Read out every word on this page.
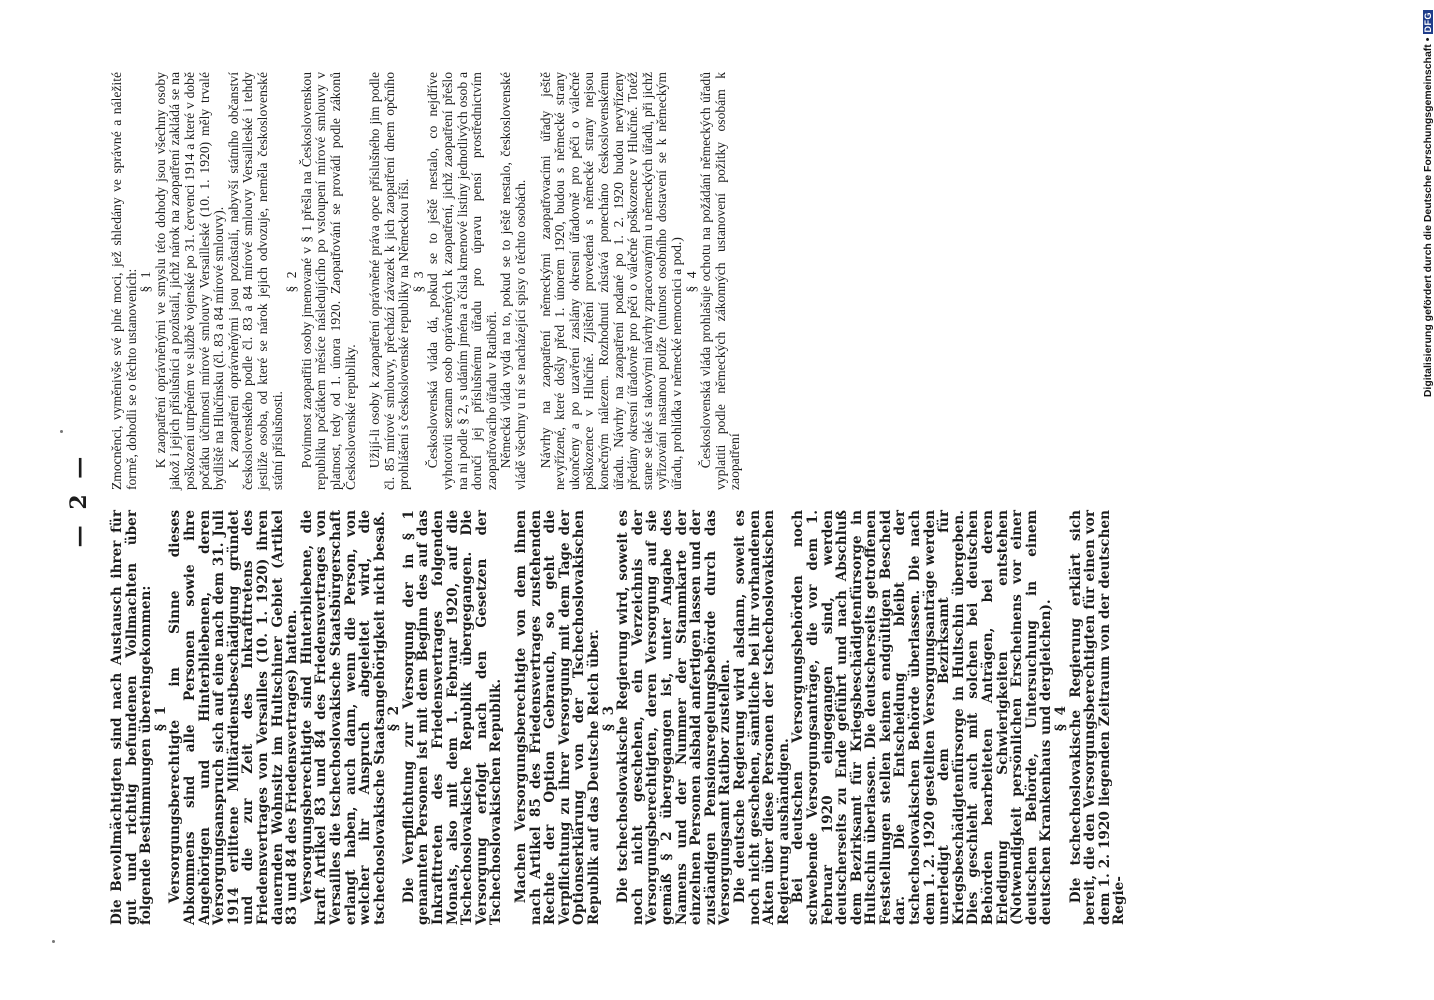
— 2 —

Die Bevollmächtigten sind nach Austausch ihrer für gut und richtig befundenen Vollmachten über folgende Bestimmungen übereingekommen:

§ 1

Versorgungsberechtigte im Sinne dieses Abkommens sind alle Personen sowie ihre Angehörigen und Hinterbliebenen, deren Versorgungsanspruch sich auf eine nach dem 31. Juli 1914 erlittene Militärdienstbeschädigung gründet und die zur Zeit des Inkrafttretens des Friedensvertrages von Versailles (10. 1. 1920) ihren dauernden Wohnsitz im Hultschiner Gebiet (Artikel 83 und 84 des Friedensvertrages) hatten.

Versorgungsberechtigte sind Hinterbliebene, die kraft Artikel 83 und 84 des Friedensvertrages von Versailles die tschechoslovakische Staatsbürgerschaft erlangt haben, auch dann, wenn die Person, von welcher ihr Anspruch abgeleitet wird, die tschechoslovakische Staatsangehörigkeit nicht besaß.

§ 2

Die Verpflichtung zur Versorgung der in § 1 genannten Personen ist mit dem Beginn des auf das Inkrafttreten des Friedensvertrages folgenden Monats, also mit dem 1. Februar 1920, auf die Tschechoslovakische Republik übergegangen. Die Versorgung erfolgt nach den Gesetzen der Tschechoslovakischen Republik. Machen Versorgungsberechtigte von dem ihnen nach Artikel 85 des Friedensvertrages zustehenden Rechte der Option Gebrauch, so geht die Verpflichtung zu ihrer Versorgung mit dem Tage der Optionserklärung von der Tschechoslovakischen Republik auf das Deutsche Reich über.

§ 3

Die tschechoslovakische Regierung wird, soweit es noch nicht geschehen, ein Verzeichnis der Versorgungsberechtigten, deren Versorgung auf sie gemäß § 2 übergegangen ist, unter Angabe des Namens und der Nummer der Stammkarte der einzelnen Personen alsbald anfertigen lassen und der zuständigen Pensionsregelungsbehörde durch das Versorgungsamt Ratibor zustellen.

Die deutsche Regierung wird alsdann, soweit es noch nicht geschehen, sämtliche bei ihr vorhandenen Akten über diese Personen der tschechoslovakischen Regierung aushändigen.

Bei deutschen Versorgungsbehörden noch schwebende Versorgungsanträge, die vor dem 1. Februar 1920 eingegangen sind, werden deutscherseits zu Ende geführt und nach Abschluß dem Bezirksamt für Kriegsbeschädigtenfürsorge in Hultschin überlassen. Die deutscherseits getroffenen Feststellungen stellen keinen endgültigen Bescheid dar. Die Entscheidung bleibt der tschechoslovakischen Behörde überlassen. Die nach dem 1. 2. 1920 gestellten Versorgungsanträge werden unerledigt dem Bezirksamt für Kriegsbeschädigtenfürsorge in Hultschin übergeben. Dies geschieht auch mit solchen bei deutschen Behörden bearbeiteten Anträgen, bei deren Erledigung Schwierigkeiten entstehen (Notwendigkeit persönlichen Erscheinens vor einer deutschen Behörde, Untersuchung in einem deutschen Krankenhaus und dergleichen).

§ 4

Die tschechoslovakische Regierung erklärt sich bereit, die den Versorgungsberechtigten für einen vor dem 1. 2. 1920 liegenden Zeitraum von der deutschen Regie-

Zmocněnci, vyměnivše své plné moci, jež shledány ve správné a náležité formě, dohodli se o těchto ustanoveních: § 1 K zaopatření oprávněnými ve smyslu této dohody jsou všechny osoby jakož i jejich příslušníci a pozůstalí, jichž nárok na zaopatření zakládá se na poškození utrpěném ve službě vojenské po 31. červenci 1914 a které v době počátku účinnosti mírové smlouvy Versailleské (10. 1. 1920) měly trvalé bydliště na Hlučínsku (čl. 83 a 84 mírové smlouvy). K zaopatření oprávněnými jsou pozůstalí, nabyvší státního občanství československého podle čl. 83 a 84 mírové smlouvy Versailleské i tehdy jestliže osoba, od které se nárok jejich odvozuje, neměla československé státní příslušnosti.

§ 2 Povinnost zaopatřiti osoby jmenované v § 1 přešla na Československou republiku počátkem měsíce následujícího po vstoupení mírové smlouvy v platnost, tedy od 1. února 1920. Zaopatřování se provádí podle zákonů Československé republiky. Užijí-li osoby k zaopatření oprávněné práva opce příslušného jim podle čl. 85 mírové smlouvy, přechází závazek k jich zaopatření dnem opčního prohlášení s československé republiky na Německou říši. § 3 Československá vláda dá, pokud se to ještě nestalo, co nejdříve vyhotoviti seznam osob oprávněných k zaopatření, jichž zaopatření přešlo na ni podle § 2, s udáním jména a čísla kmenové listiny jednotlivých osob a doručí jej příslušnému úřadu pro úpravu pensí prostřednictvím zaopatřovacího úřadu v Ratiboři. Německá vláda vydá na to, pokud se to ještě nestalo, československé vládě všechny u ní se nacházející spisy o těchto osobách. Návrhy na zaopatření německými zaopatřovacími úřady ještě nevyřízené, které došly před 1. únorem 1920, budou s německé strany ukončeny a po uzavření zaslány okresní úřadovně pro péči o válečné poškozence v Hlučíně. Zjištění provedená s německé strany nejsou konečným nálezem. Rozhodnutí zůstává ponecháno československému úřadu. Návrhy na zaopatření podané po 1. 2. 1920 budou nevyřízeny předány okresní úřadovně pro péči o válečné poškozence v Hlučíně. Totéž stane se také s takovými návrhy zpracovanými u německých úřadů, při jichž vyřizování nastanou potíže (nutnost osobního dostavení se k německým úřadu, prohlídka v německé nemocnici a pod.) § 4 Československá vláda prohlašuje ochotu na požádání německých úřadů vyplatiti podle německých zákonných ustanovení požitky osobám k zaopatření

Digitalisierung gefördert durch die Deutsche Forschungsgemeinschaft
•
DFG
